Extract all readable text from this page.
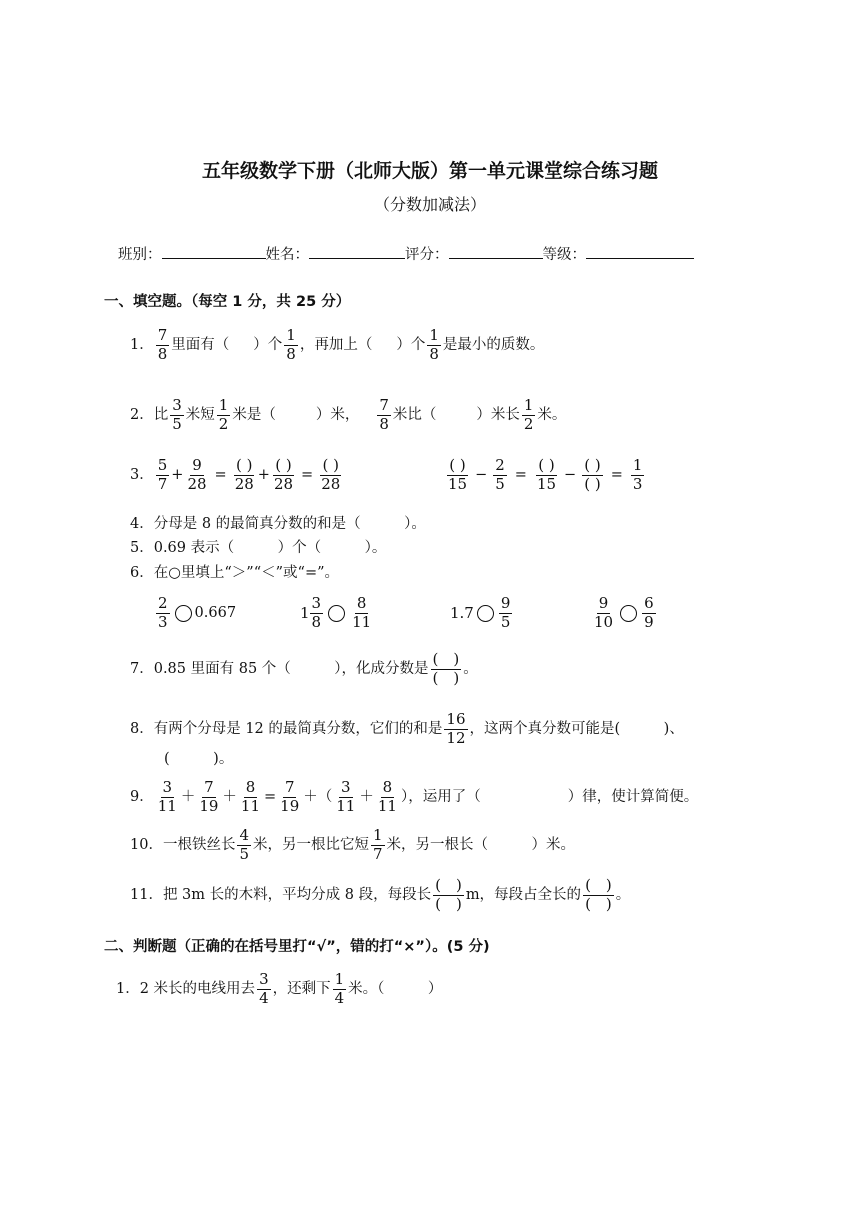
五年级数学下册（北师大版）第一单元课堂综合练习题
（分数加减法）
班别：	姓名：	评分：	等级：
一、填空题。（每空 1 分，共 25 分）
1． $\frac{7}{8}$ 里面有（ ）个 $\frac{1}{8}$ ，再加上（ ）个 $\frac{1}{8}$ 是最小的质数。
2．比 $\frac{3}{5}$ 米短 $\frac{1}{2}$ 米是（	）米， $\frac{7}{8}$ 米比（	）米长 $\frac{1}{2}$ 米。
3． $\frac{5}{7} + \frac{9}{28} = \frac{( )}{28} + \frac{( )}{28} = \frac{( )}{28}$	$\frac{( )}{15} - \frac{2}{5} = \frac{( )}{15} - \frac{( )}{( )} = \frac{1}{3}$
4．分母是 8 的最简真分数的和是（　　　）。
5．0.69 表示（　　　）个（　　　）。
6．在○里填上“＞”“＜”或“=”。
$\frac{2}{3} 0.667$	$1 \frac{3}{8} \frac{8}{11}$	$1.7 \frac{9}{5}$	$\frac{9}{10} \frac{6}{9}$
7．0.85 里面有 85 个（　　　），化成分数是 $\frac{( )}{( )}$ 。
8．有两个分母是 12 的最简真分数，它们的和是 $\frac{16}{12}$ ，这两个真分数可能是(　　　)、
(　　　)。
9． $\frac{3}{11} + \frac{7}{19} + \frac{8}{11} = \frac{7}{19}$ ＋ （ $\frac{3}{11} + \frac{8}{11}$ ），运用了（　　　　　　）律，使计算简便。
10．一根铁丝长 $\frac{4}{5}$ 米，另一根比它短 $\frac{1}{7}$ 米，另一根长（　　　）米。
11．把 3m 长的木料，平均分成 8 段，每段长 $\frac{( )}{( )}$ m，每段占全长的 $\frac{( )}{( )}$ 。
二、判断题（正确的在括号里打“√”，错的打“×”）。(5 分)
1．2 米长的电线用去 $\frac{3}{4}$ ，还剩下 $\frac{1}{4}$ 米。（　　　）
